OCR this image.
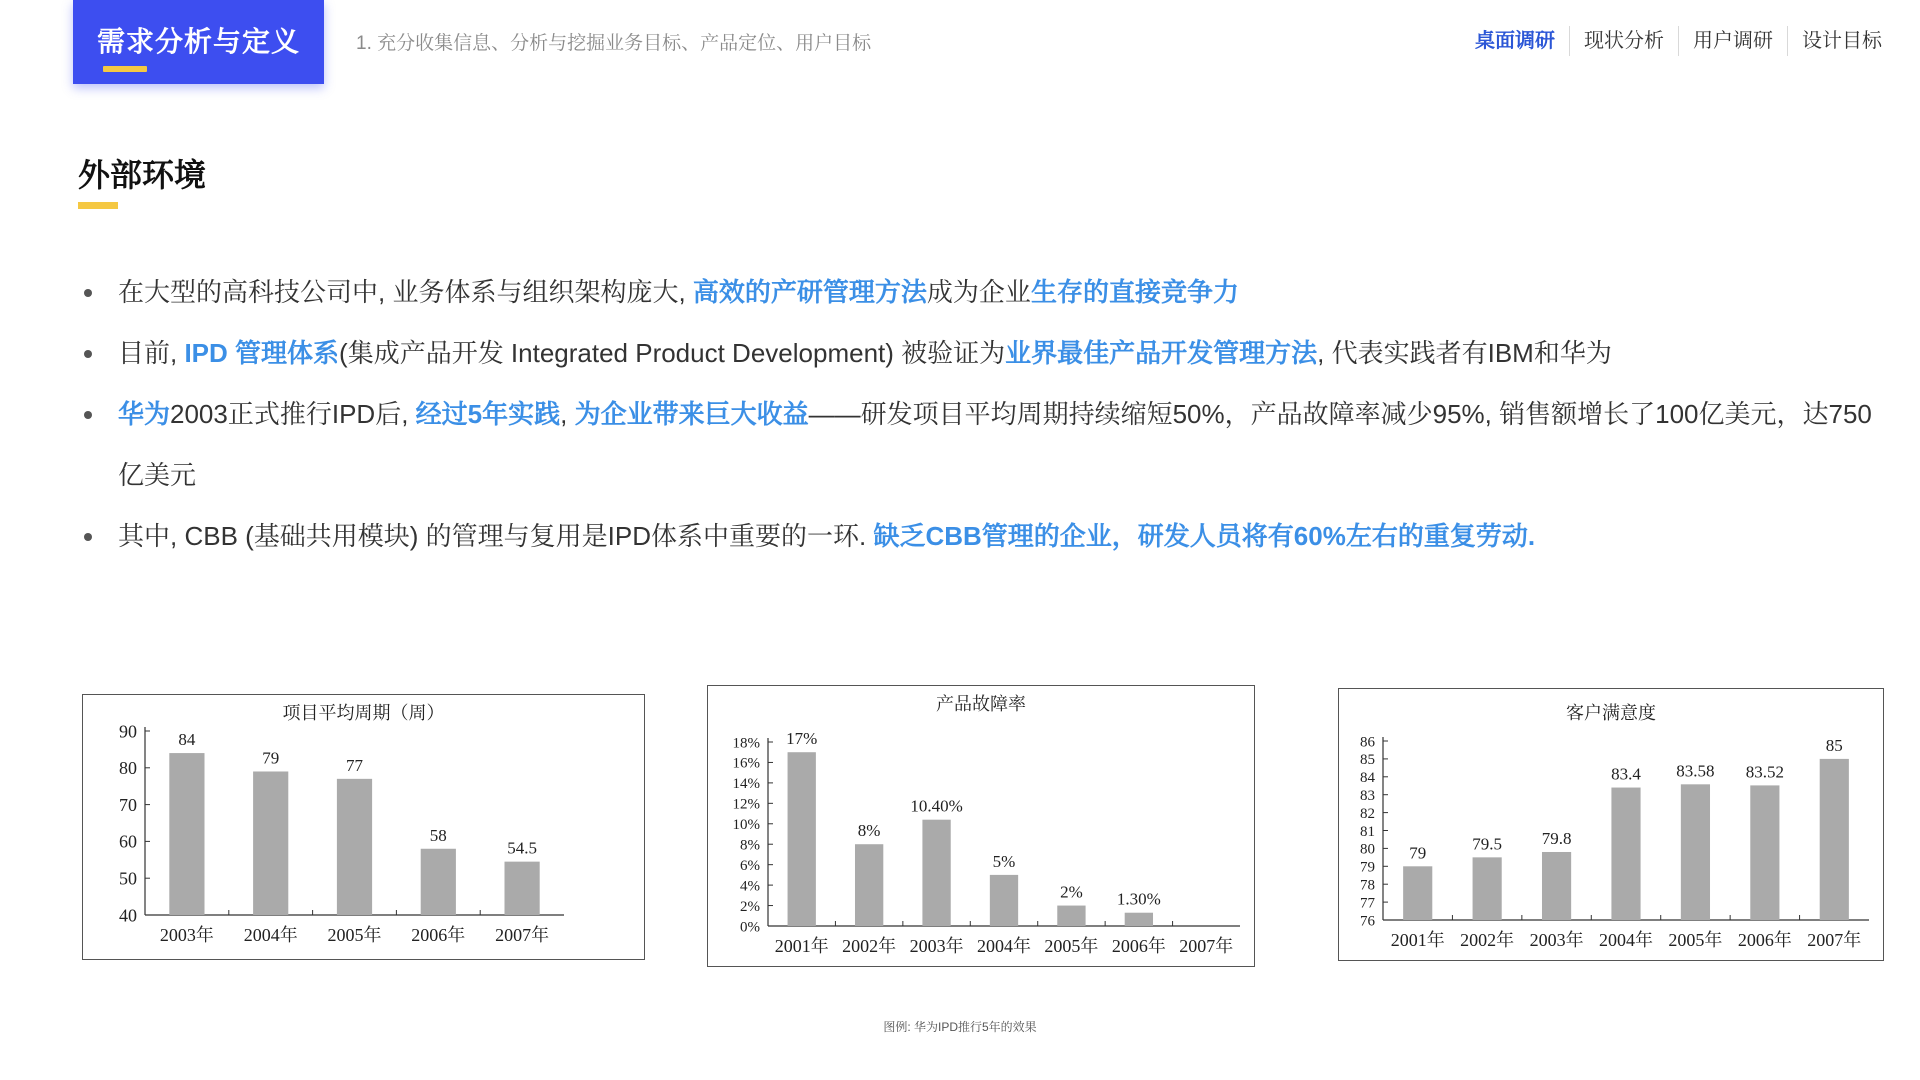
需求分析与定义	1. 充分收集信息、分析与挖掘业务目标、产品定位、用户目标	桌面调研	现状分析	用户调研	设计目标
外部环境
在大型的高科技公司中, 业务体系与组织架构庞大, 高效的产研管理方法成为企业生存的直接竞争力
目前, IPD 管理体系(集成产品开发 Integrated Product Development) 被验证为业界最佳产品开发管理方法, 代表实践者有IBM和华为
华为2003正式推行IPD后, 经过5年实践, 为企业带来巨大收益——研发项目平均周期持续缩短50%，产品故障率减少95%, 销售额增长了100亿美元，达750亿美元
其中, CBB (基础共用模块) 的管理与复用是IPD体系中重要的一环. 缺乏CBB管理的企业，研发人员将有60%左右的重复劳动.
项目平均周期（周）
90
80
70
60
50
40
2003年
84
2004年
79
2005年
77
2006年
58
2007年
54.5
产品故障率
18%
16%
14%
12%
10%
8%
6%
4%
2%
0%
2001年
17%
2002年
8%
2003年
10.40%
2004年
5%
2005年
2%
2006年
1.30%
2007年
客户满意度
86
85
84
83
82
81
80
79
78
77
76
2001年
79
2002年
79.5
2003年
79.8
2004年
83.4
2005年
83.58
2006年
83.52
2007年
85
图例: 华为IPD推行5年的效果
